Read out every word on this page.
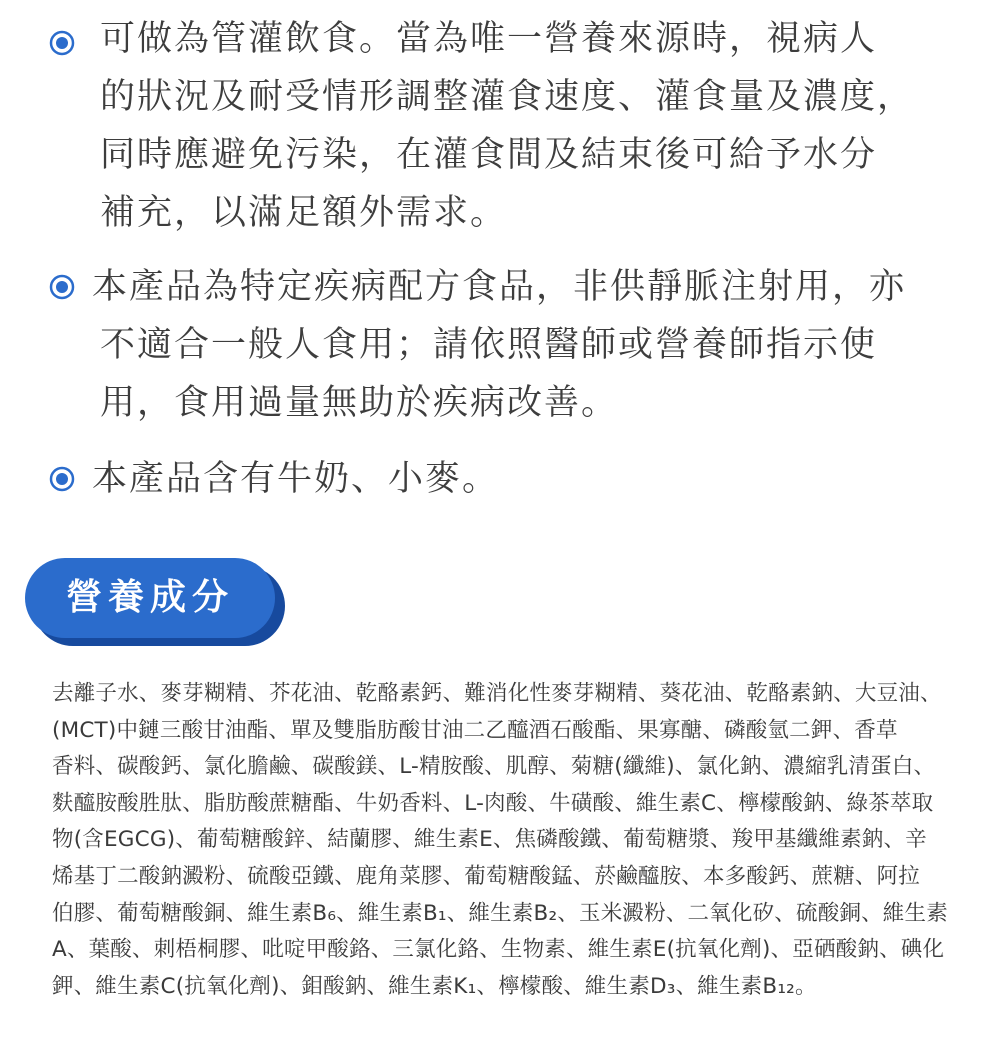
可做為管灌飲食。當為唯一營養來源時，視病人
的狀況及耐受情形調整灌食速度、灌食量及濃度，
同時應避免污染，在灌食間及結束後可給予水分
補充，以滿足額外需求。
本產品為特定疾病配方食品，非供靜脈注射用，亦
不適合一般人食用；請依照醫師或營養師指示使
用，食用過量無助於疾病改善。
本產品含有牛奶、小麥。
營養成分
去離子水、麥芽糊精、芥花油、乾酪素鈣、難消化性麥芽糊精、葵花油、乾酪素鈉、大豆油、
(MCT)中鏈三酸甘油酯、單及雙脂肪酸甘油二乙醯酒石酸酯、果寡醣、磷酸氫二鉀、香草
香料、碳酸鈣、氯化膽鹼、碳酸鎂、L-精胺酸、肌醇、菊糖(纖維)、氯化鈉、濃縮乳清蛋白、
麩醯胺酸胜肽、脂肪酸蔗糖酯、牛奶香料、L-肉酸、牛磺酸、維生素C、檸檬酸鈉、綠茶萃取
物(含EGCG)、葡萄糖酸鋅、結蘭膠、維生素E、焦磷酸鐵、葡萄糖漿、羧甲基纖維素鈉、辛
烯基丁二酸鈉澱粉、硫酸亞鐵、鹿角菜膠、葡萄糖酸錳、菸鹼醯胺、本多酸鈣、蔗糖、阿拉
伯膠、葡萄糖酸銅、維生素B₆、維生素B₁、維生素B₂、玉米澱粉、二氧化矽、硫酸銅、維生素
A、葉酸、刺梧桐膠、吡啶甲酸鉻、三氯化鉻、生物素、維生素E(抗氧化劑)、亞硒酸鈉、碘化
鉀、維生素C(抗氧化劑)、鉬酸鈉、維生素K₁、檸檬酸、維生素D₃、維生素B₁₂。
